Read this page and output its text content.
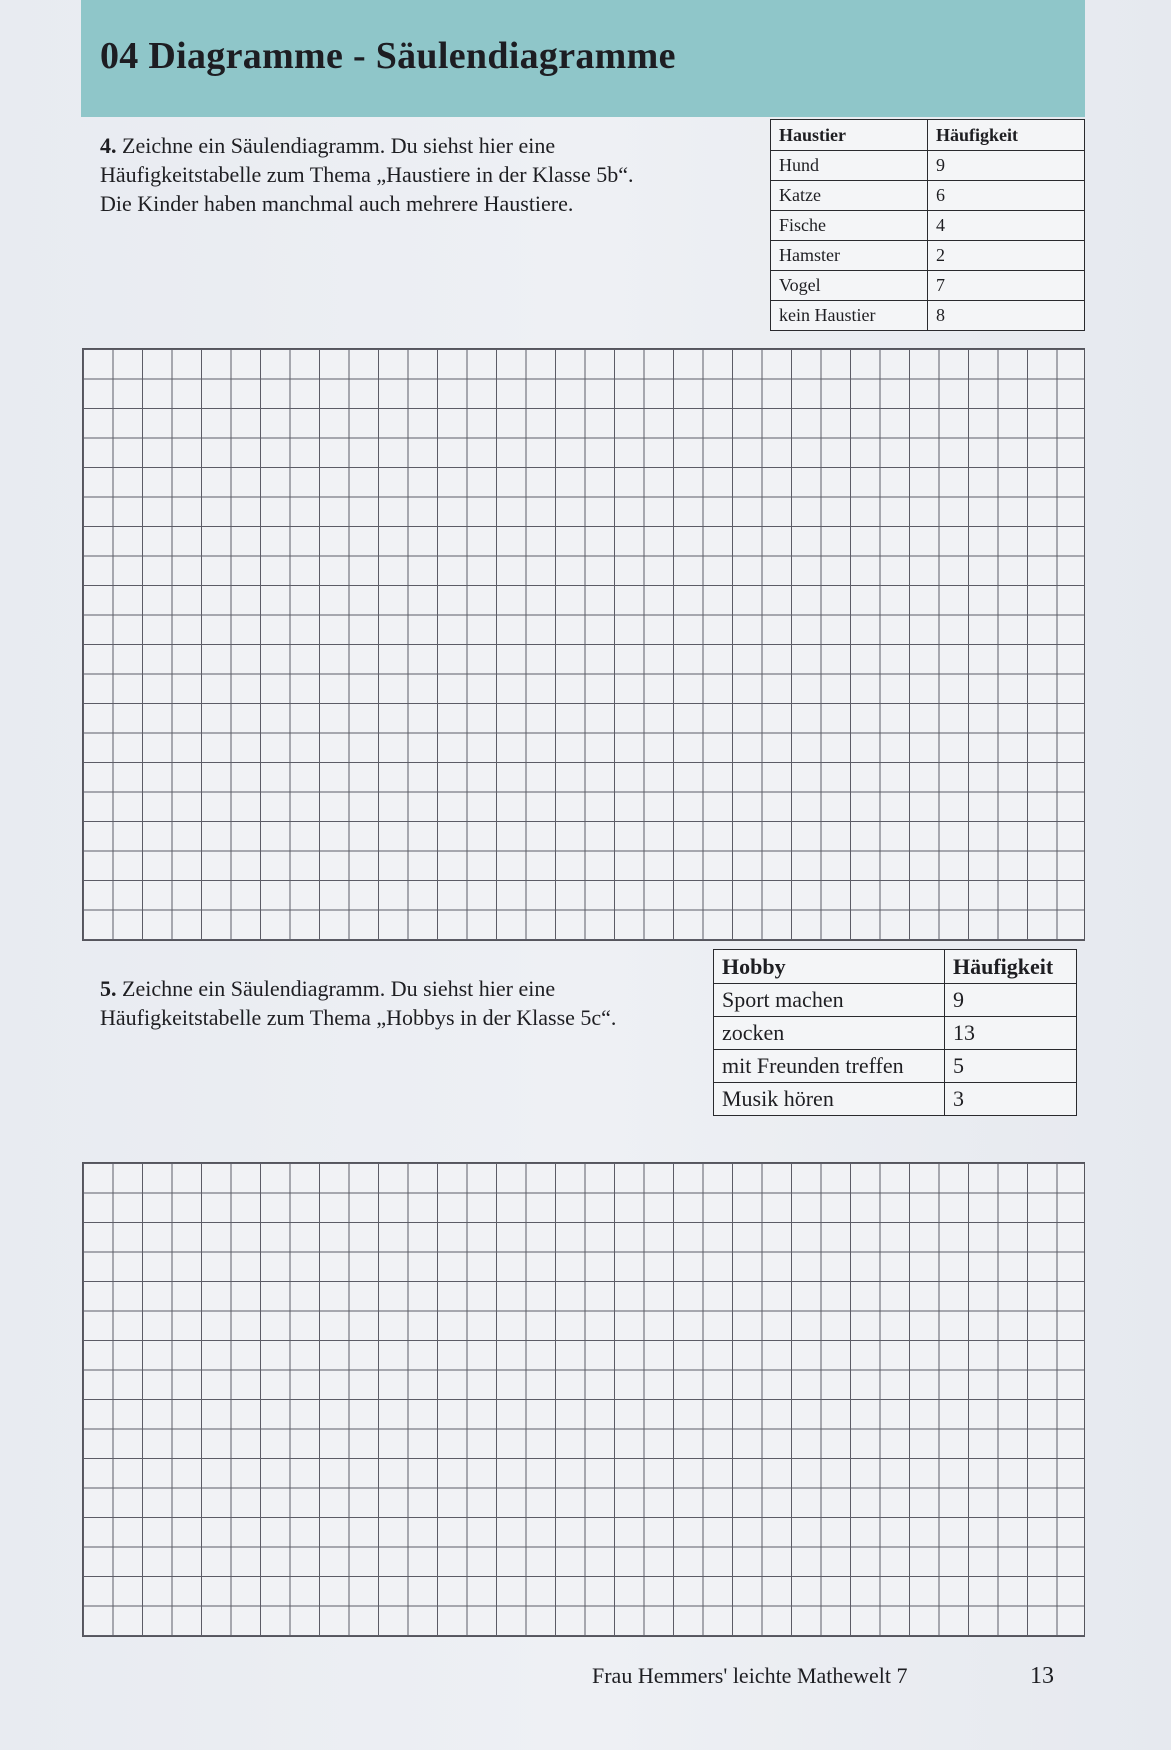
04 Diagramme - Säulendiagramme

4. Zeichne ein Säulendiagramm. Du siehst hier eine

Häufigkeitstabelle zum Thema „Haustiere in der Klasse 5b“.

Die Kinder haben manchmal auch mehrere Haustiere.

Haustier	Häufigkeit
Hund	9
Katze	6
Fische	4
Hamster	2
Vogel	7
kein Haustier	8

5. Zeichne ein Säulendiagramm. Du siehst hier eine

Häufigkeitstabelle zum Thema „Hobbys in der Klasse 5c“.

Hobby	Häufigkeit
Sport machen	9
zocken	13
mit Freunden treffen	5
Musik hören	3
Frau Hemmers' leichte Mathewelt 7	13
